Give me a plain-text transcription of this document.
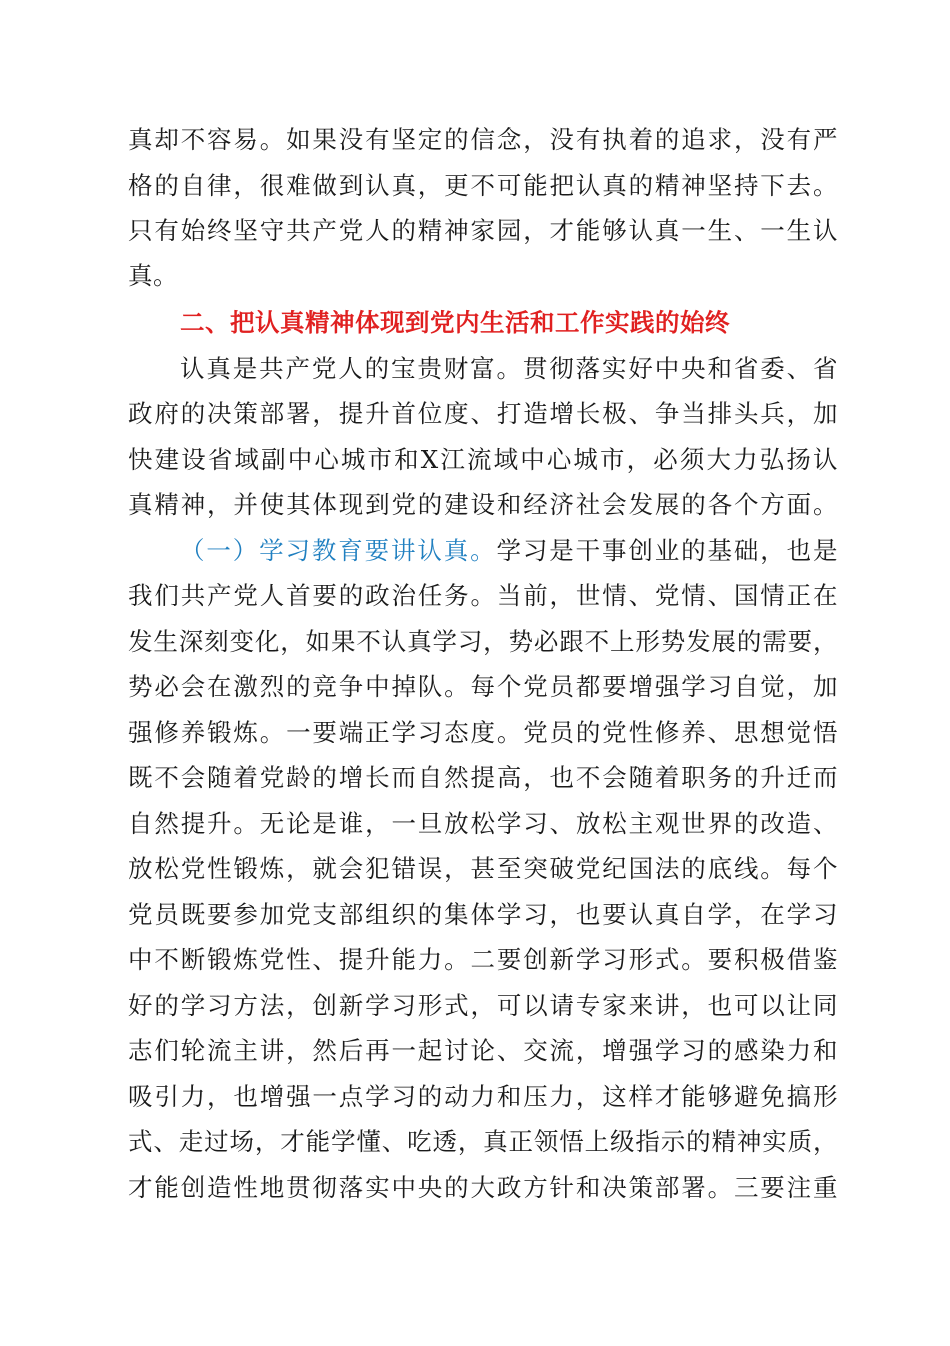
真却不容易。如果没有坚定的信念，没有执着的追求，没有严
格的自律，很难做到认真，更不可能把认真的精神坚持下去。
只有始终坚守共产党人的精神家园，才能够认真一生、一生认
真。
二、把认真精神体现到党内生活和工作实践的始终
认真是共产党人的宝贵财富。贯彻落实好中央和省委、省
政府的决策部署，提升首位度、打造增长极、争当排头兵，加
快建设省域副中心城市和X江流域中心城市，必须大力弘扬认
真精神，并使其体现到党的建设和经济社会发展的各个方面。
（一）学习教育要讲认真。学习是干事创业的基础，也是
我们共产党人首要的政治任务。当前，世情、党情、国情正在
发生深刻变化，如果不认真学习，势必跟不上形势发展的需要，
势必会在激烈的竞争中掉队。每个党员都要增强学习自觉，加
强修养锻炼。一要端正学习态度。党员的党性修养、思想觉悟
既不会随着党龄的增长而自然提高，也不会随着职务的升迁而
自然提升。无论是谁，一旦放松学习、放松主观世界的改造、
放松党性锻炼，就会犯错误，甚至突破党纪国法的底线。每个
党员既要参加党支部组织的集体学习，也要认真自学，在学习
中不断锻炼党性、提升能力。二要创新学习形式。要积极借鉴
好的学习方法，创新学习形式，可以请专家来讲，也可以让同
志们轮流主讲，然后再一起讨论、交流，增强学习的感染力和
吸引力，也增强一点学习的动力和压力，这样才能够避免搞形
式、走过场，才能学懂、吃透，真正领悟上级指示的精神实质，
才能创造性地贯彻落实中央的大政方针和决策部署。三要注重
